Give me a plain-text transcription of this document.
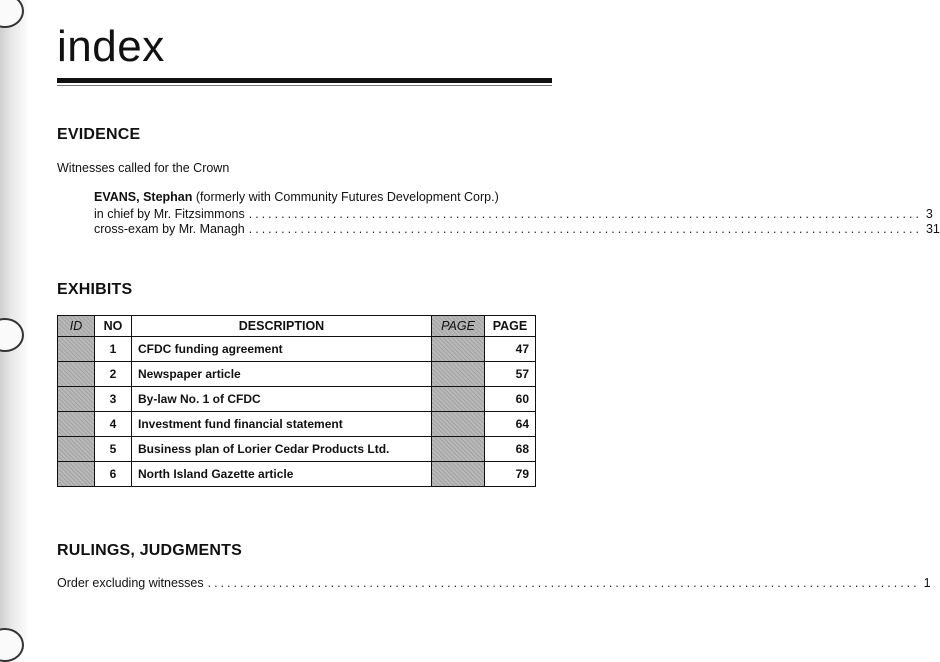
index
EVIDENCE
Witnesses called for the Crown
EVANS, Stephan (formerly with Community Futures Development Corp.)
in chief by Mr. Fitzsimmons ........................................................................................................ 3
cross-exam by Mr. Managh ........................................................................................................ 31
EXHIBITS
ID	NO	DESCRIPTION	PAGE	PAGE
	1	CFDC funding agreement		47
	2	Newspaper article		57
	3	By-law No. 1 of CFDC		60
	4	Investment fund financial statement		64
	5	Business plan of Lorier Cedar Products Ltd.		68
	6	North Island Gazette article		79
RULINGS, JUDGMENTS
Order excluding witnesses .............................................................................................................. 1
